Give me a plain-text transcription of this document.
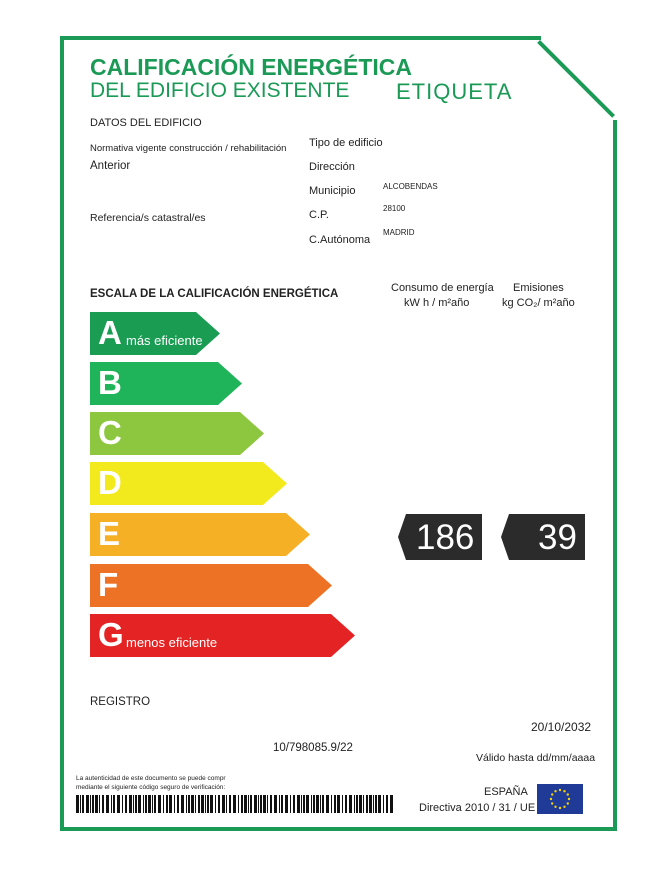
CALIFICACIÓN ENERGÉTICA
DEL EDIFICIO EXISTENTE ETIQUETA
DATOS DEL EDIFICIO
Normativa vigente construcción / rehabilitación
Anterior
Referencia/s catastral/es
Tipo de edificio
Dirección
Municipio
C.P.
C.Autónoma
ALCOBENDAS
28100
MADRID
ESCALA DE LA CALIFICACIÓN ENERGÉTICA	Consumo de energía
kW h / m²año
Emisiones
kg CO₂/ m²año
A más eficiente
B
C
D
E
F
G menos eficiente
186 39
REGISTRO
20/10/2032
10/798085.9/22
Válido hasta dd/mm/aaaa
La autenticidad de este documento se puede compr
mediante el siguiente código seguro de verificación:	ESPAÑA
Directiva 2010 / 31 / UE
